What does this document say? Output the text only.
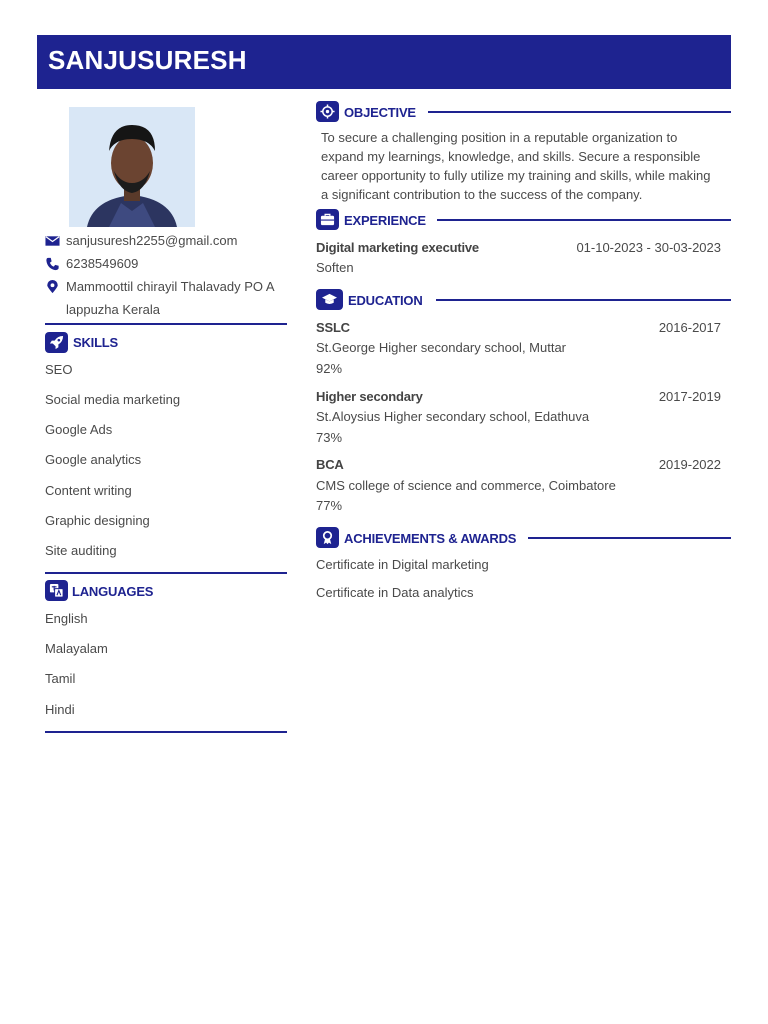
SANJUSURESH
sanjusuresh2255@gmail.com
6238549609
Mammoottil chirayil Thalavady PO A
lappuzha Kerala
SKILLS
SEO
Social media marketing
Google Ads
Google analytics
Content writing
Graphic designing
Site auditing
LANGUAGES
English
Malayalam
Tamil
Hindi
OBJECTIVE
To secure a challenging position in a reputable organization to expand my learnings, knowledge, and skills. Secure a responsible career opportunity to fully utilize my training and skills, while making a significant contribution to the success of the company.
EXPERIENCE
Digital marketing executive	01-10-2023 - 30-03-2023
Soften
EDUCATION
SSLC	2016-2017
St.George Higher secondary school, Muttar
92%
Higher secondary	2017-2019
St.Aloysius Higher secondary school, Edathuva
73%
BCA	2019-2022
CMS college of science and commerce, Coimbatore
77%
ACHIEVEMENTS & AWARDS
Certificate in Digital marketing
Certificate in Data analytics
